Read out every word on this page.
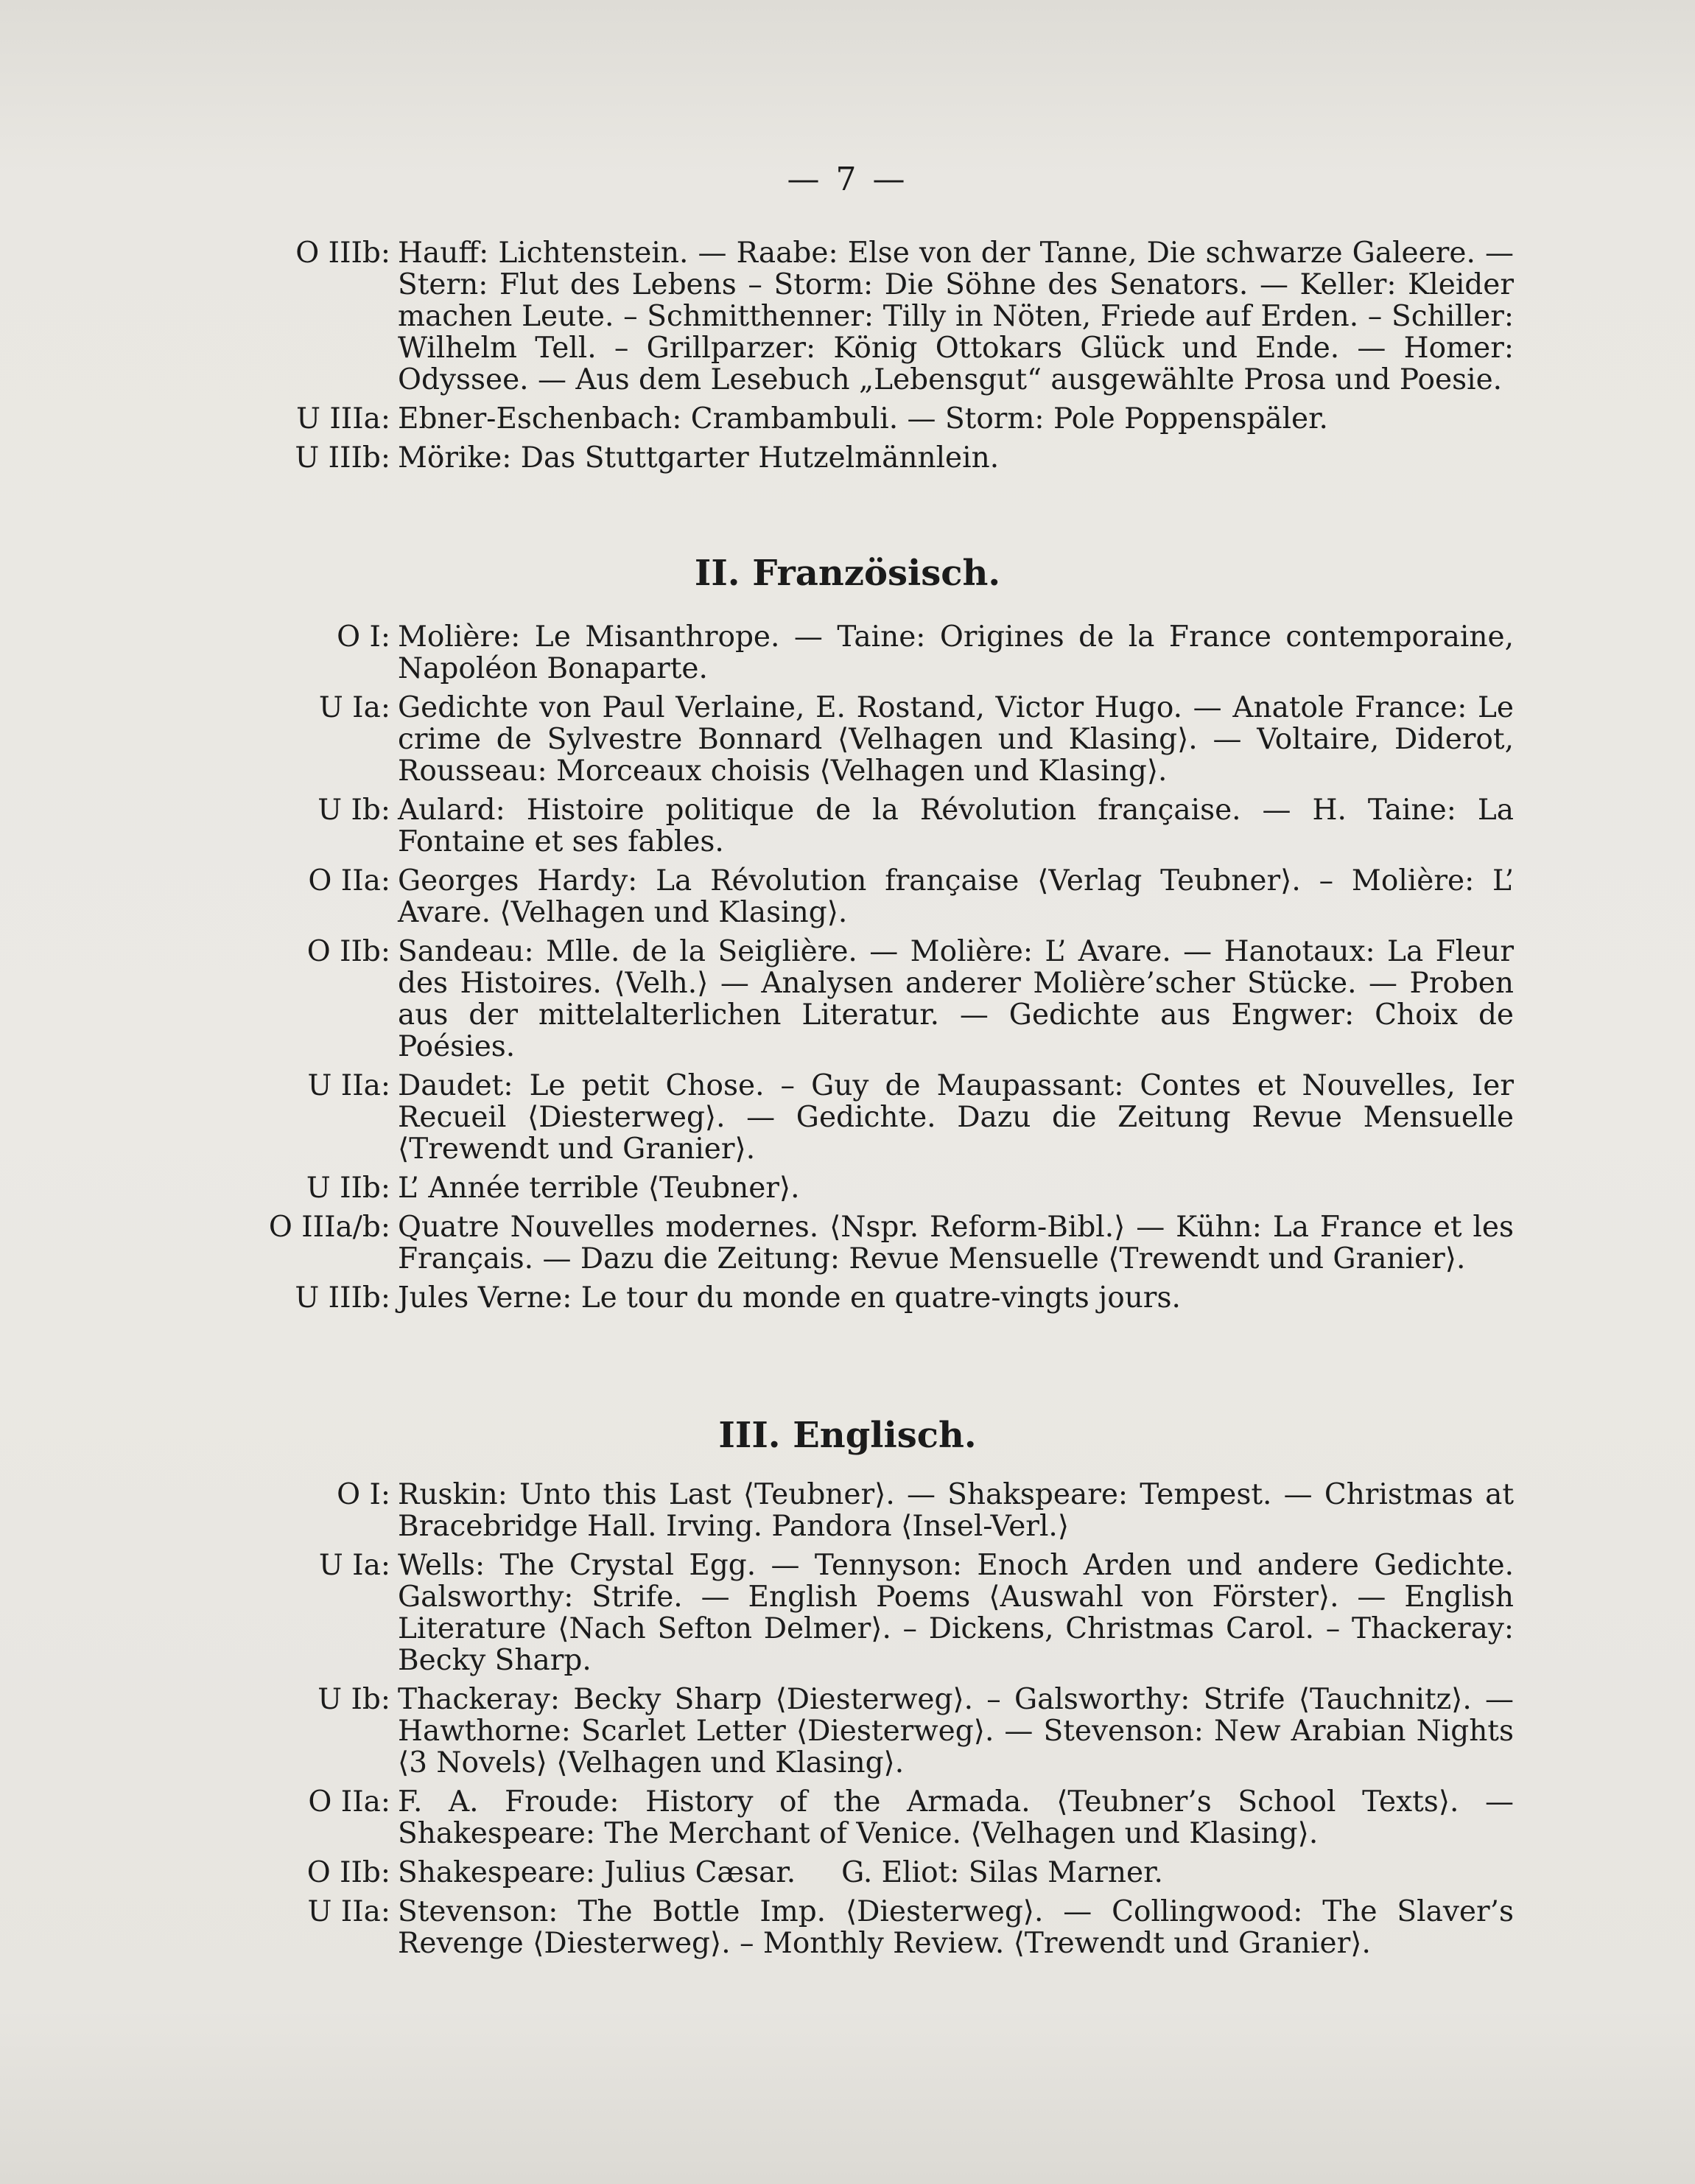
— 7 —
O IIIb : Hauff: Lichtenstein. — Raabe: Else von der Tanne, Die schwarze Galeere. — Stern: Flut des Lebens – Storm: Die Söhne des Senators. — Keller: Kleider machen Leute. – Schmitthenner: Tilly in Nöten, Friede auf Erden. – Schiller: Wilhelm Tell. – Grillparzer: König Ottokars Glück und Ende. — Homer: Odyssee. — Aus dem Lesebuch „Lebensgut“ ausgewählte Prosa und Poesie.
U IIIa : Ebner-Eschenbach: Crambambuli. — Storm: Pole Poppenspäler.
U IIIb : Mörike: Das Stuttgarter Hutzelmännlein.
II. Französisch.
O I : Molière: Le Misanthrope. — Taine: Origines de la France contemporaine, Napoléon Bonaparte.
U Ia : Gedichte von Paul Verlaine, E. Rostand, Victor Hugo. — Anatole France: Le crime de Sylvestre Bonnard ⟨Velhagen und Klasing⟩. — Voltaire, Diderot, Rousseau: Morceaux choisis ⟨Velhagen und Klasing⟩.
U Ib : Aulard: Histoire politique de la Révolution française. — H. Taine: La Fontaine et ses fables.
O IIa : Georges Hardy: La Révolution française ⟨Verlag Teubner⟩. – Molière: L’ Avare. ⟨Velhagen und Klasing⟩.
O IIb : Sandeau: Mlle. de la Seiglière. — Molière: L’ Avare. — Hanotaux: La Fleur des Histoires. ⟨Velh.⟩ — Analysen anderer Molière’scher Stücke. — Proben aus der mittelalterlichen Literatur. — Gedichte aus Engwer: Choix de Poésies.
U IIa : Daudet: Le petit Chose. – Guy de Maupassant: Contes et Nouvelles, Ier Recueil ⟨Diesterweg⟩. — Gedichte. Dazu die Zeitung Revue Mensuelle ⟨Trewendt und Granier⟩.
U IIb : L’ Année terrible ⟨Teubner⟩.
O IIIa/b : Quatre Nouvelles modernes. ⟨Nspr. Reform-Bibl.⟩ — Kühn: La France et les Français. — Dazu die Zeitung: Revue Mensuelle ⟨Trewendt und Granier⟩.
U IIIb : Jules Verne: Le tour du monde en quatre-vingts jours.
III. Englisch.
O I : Ruskin: Unto this Last ⟨Teubner⟩. — Shakspeare: Tempest. — Christmas at Bracebridge Hall. Irving. Pandora ⟨Insel-Verl.⟩
U Ia : Wells: The Crystal Egg. — Tennyson: Enoch Arden und andere Gedichte. Galsworthy: Strife. — English Poems ⟨Auswahl von Förster⟩. — English Literature ⟨Nach Sefton Delmer⟩. – Dickens, Christmas Carol. – Thackeray: Becky Sharp.
U Ib : Thackeray: Becky Sharp ⟨Diesterweg⟩. – Galsworthy: Strife ⟨Tauchnitz⟩. — Hawthorne: Scarlet Letter ⟨Diesterweg⟩. — Stevenson: New Arabian Nights ⟨3 Novels⟩ ⟨Velhagen und Klasing⟩.
O IIa : F. A. Froude: History of the Armada. ⟨Teubner’s School Texts⟩. — Shakespeare: The Merchant of Venice. ⟨Velhagen und Klasing⟩.
O IIb : Shakespeare: Julius Cæsar.     G. Eliot: Silas Marner.
U IIa : Stevenson: The Bottle Imp. ⟨Diesterweg⟩. — Collingwood: The Slaver’s Revenge ⟨Diesterweg⟩. – Monthly Review. ⟨Trewendt und Granier⟩.
